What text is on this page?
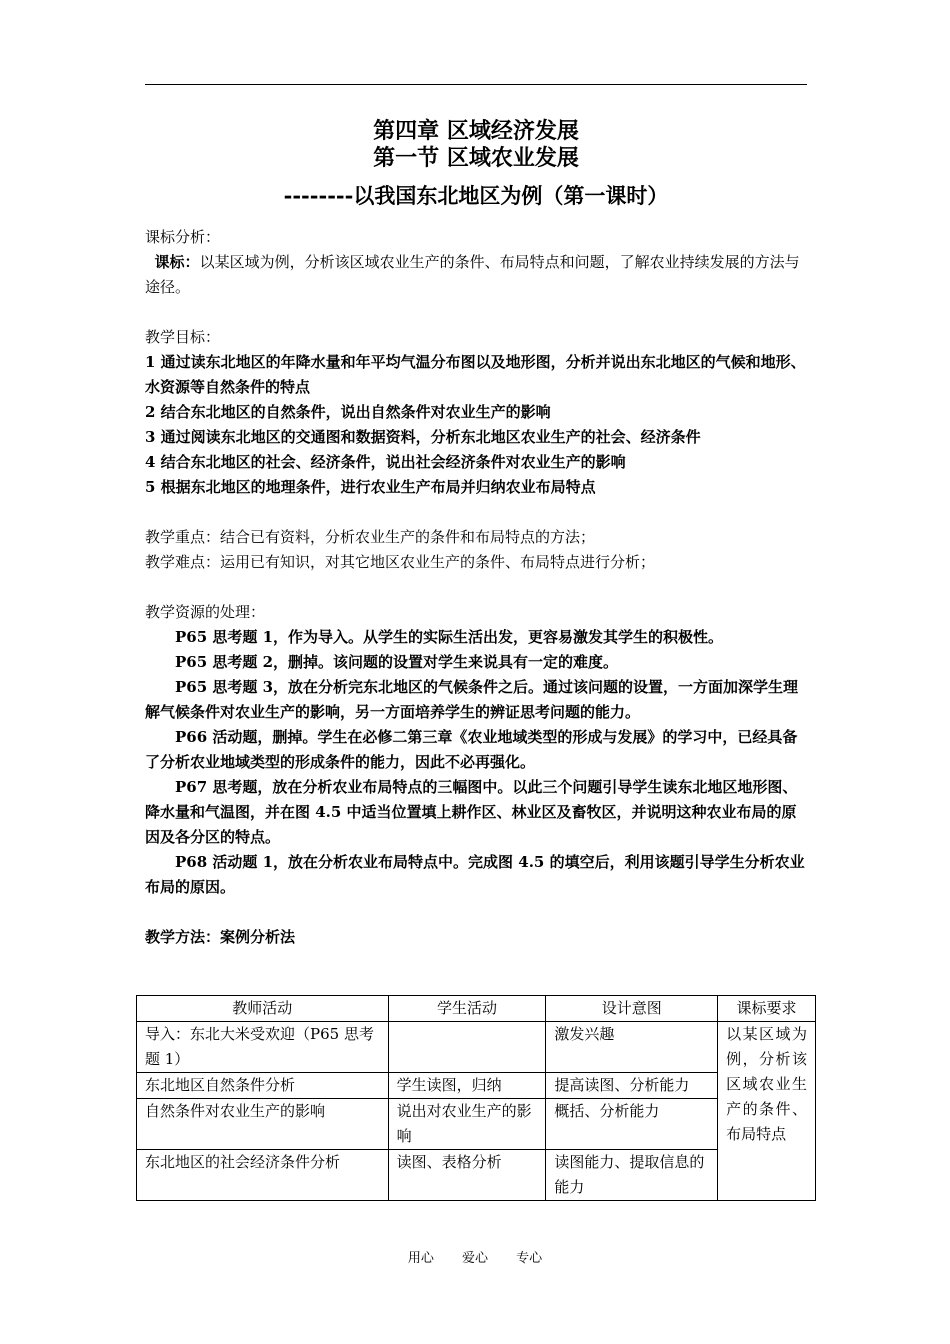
第四章 区域经济发展
第一节 区域农业发展
--------以我国东北地区为例（第一课时）

课标分析：

课标：以某区域为例，分析该区域农业生产的条件、布局特点和问题，了解农业持续发展的方法与途径。

教学目标：

1 通过读东北地区的年降水量和年平均气温分布图以及地形图，分析并说出东北地区的气候和地形、水资源等自然条件的特点

2 结合东北地区的自然条件，说出自然条件对农业生产的影响

3 通过阅读东北地区的交通图和数据资料，分析东北地区农业生产的社会、经济条件

4 结合东北地区的社会、经济条件，说出社会经济条件对农业生产的影响

5 根据东北地区的地理条件，进行农业生产布局并归纳农业布局特点

教学重点：结合已有资料，分析农业生产的条件和布局特点的方法；

教学难点：运用已有知识，对其它地区农业生产的条件、布局特点进行分析；

教学资源的处理：

P65 思考题 1，作为导入。从学生的实际生活出发，更容易激发其学生的积极性。

P65 思考题 2，删掉。该问题的设置对学生来说具有一定的难度。

P65 思考题 3，放在分析完东北地区的气候条件之后。通过该问题的设置，一方面加深学生理解气候条件对农业生产的影响，另一方面培养学生的辨证思考问题的能力。

P66 活动题，删掉。学生在必修二第三章《农业地域类型的形成与发展》的学习中，已经具备了分析农业地域类型的形成条件的能力，因此不必再强化。

P67 思考题，放在分析农业布局特点的三幅图中。以此三个问题引导学生读东北地区地形图、降水量和气温图，并在图 4.5 中适当位置填上耕作区、林业区及畜牧区，并说明这种农业布局的原因及各分区的特点。

P68 活动题 1，放在分析农业布局特点中。完成图 4.5 的填空后，利用该题引导学生分析农业布局的原因。

教学方法：案例分析法

教师活动	学生活动	设计意图	课标要求
导入：东北大米受欢迎（P65 思考题 1）		激发兴趣	以某区域为例，分析该区域农业生产的条件、布局特点
东北地区自然条件分析	学生读图，归纳	提高读图、分析能力	
自然条件对农业生产的影响	说出对农业生产的影响	概括、分析能力	
东北地区的社会经济条件分析	读图、表格分析	读图能力、提取信息的能力	
用心 爱心 专心
